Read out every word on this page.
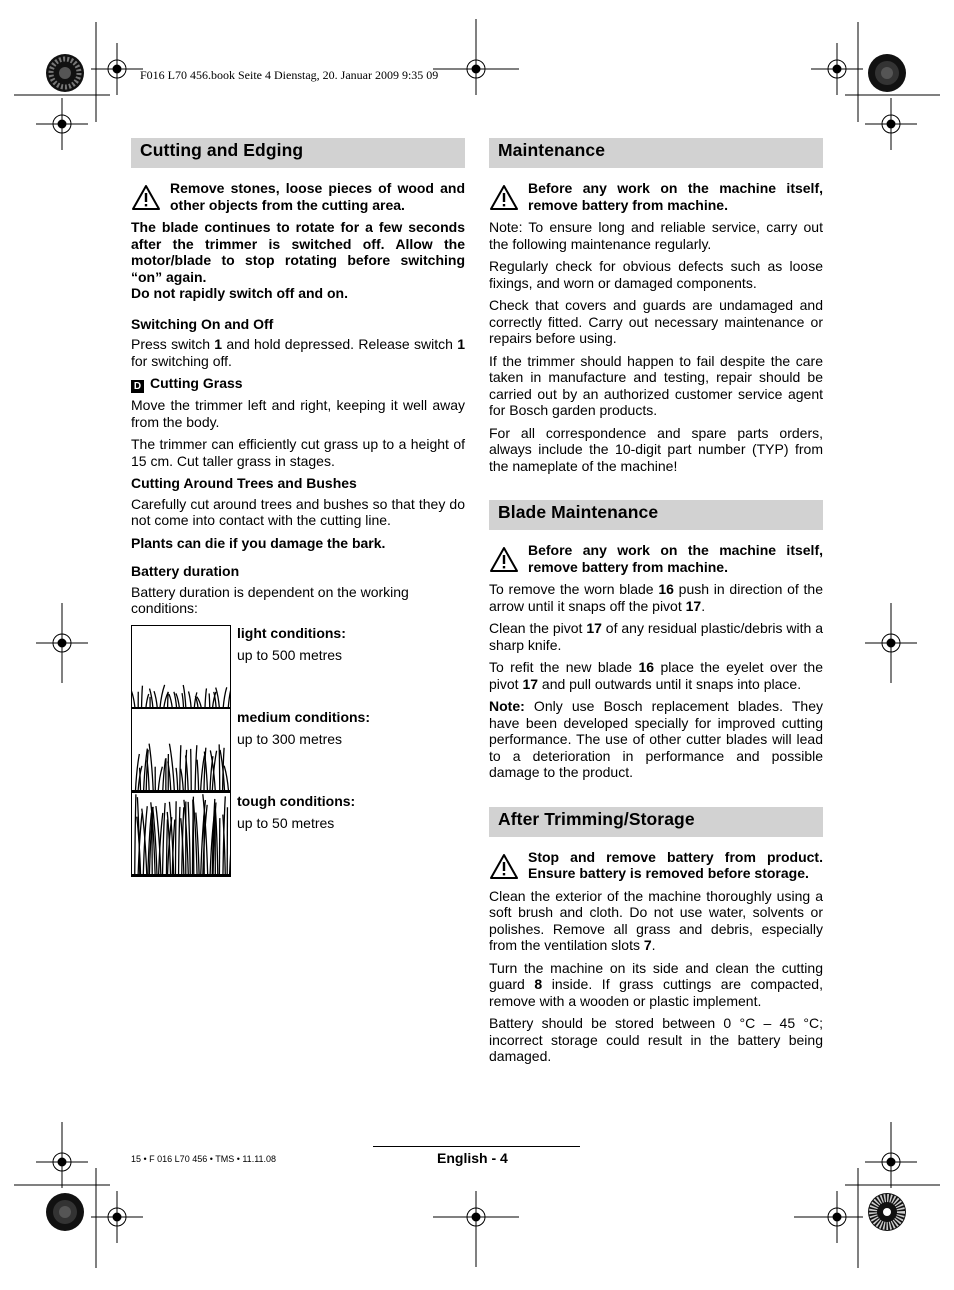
F016 L70 456.book Seite 4 Dienstag, 20. Januar 2009 9:35 09
Cutting and Edging
Remove stones, loose pieces of wood and other objects from the cutting area.
The blade continues to rotate for a few seconds after the trimmer is switched off. Allow the motor/blade to stop rotating before switching “on” again.
Do not rapidly switch off and on.
Switching On and Off
Press switch 1 and hold depressed. Release switch 1 for switching off.
D Cutting Grass
Move the trimmer left and right, keeping it well away from the body.
The trimmer can efficiently cut grass up to a height of 15 cm. Cut taller grass in stages.
Cutting Around Trees and Bushes
Carefully cut around trees and bushes so that they do not come into contact with the cutting line.
Plants can die if you damage the bark.
Battery duration
Battery duration is dependent on the working conditions:
light conditions:
up to 500 metres
medium conditions:
up to 300 metres
tough conditions:
up to 50 metres
Maintenance
Before any work on the machine itself, remove battery from machine.
Note: To ensure long and reliable service, carry out the following maintenance regularly.
Regularly check for obvious defects such as loose fixings, and worn or damaged components.
Check that covers and guards are undamaged and correctly fitted. Carry out necessary maintenance or repairs before using.
If the trimmer should happen to fail despite the care taken in manufacture and testing, repair should be carried out by an authorized customer service agent for Bosch garden products.
For all correspondence and spare parts orders, always include the 10-digit part number (TYP) from the nameplate of the machine!
Blade Maintenance
Before any work on the machine itself, remove battery from machine.
To remove the worn blade 16 push in direction of the arrow until it snaps off the pivot 17.
Clean the pivot 17 of any residual plastic/debris with a sharp knife.
To refit the new blade 16 place the eyelet over the pivot 17 and pull outwards until it snaps into place.
Note: Only use Bosch replacement blades. They have been developed specially for improved cutting performance. The use of other cutter blades will lead to a deterioration in performance and possible damage to the product.
After Trimming/Storage
Stop and remove battery from product. Ensure battery is removed before storage.
Clean the exterior of the machine thoroughly using a soft brush and cloth. Do not use water, solvents or polishes. Remove all grass and debris, especially from the ventilation slots 7.
Turn the machine on its side and clean the cutting guard 8 inside. If grass cuttings are compacted, remove with a wooden or plastic implement.
Battery should be stored between 0 °C – 45 °C; incorrect storage could result in the battery being damaged.
English - 4
15 • F 016 L70 456 • TMS • 11.11.08
